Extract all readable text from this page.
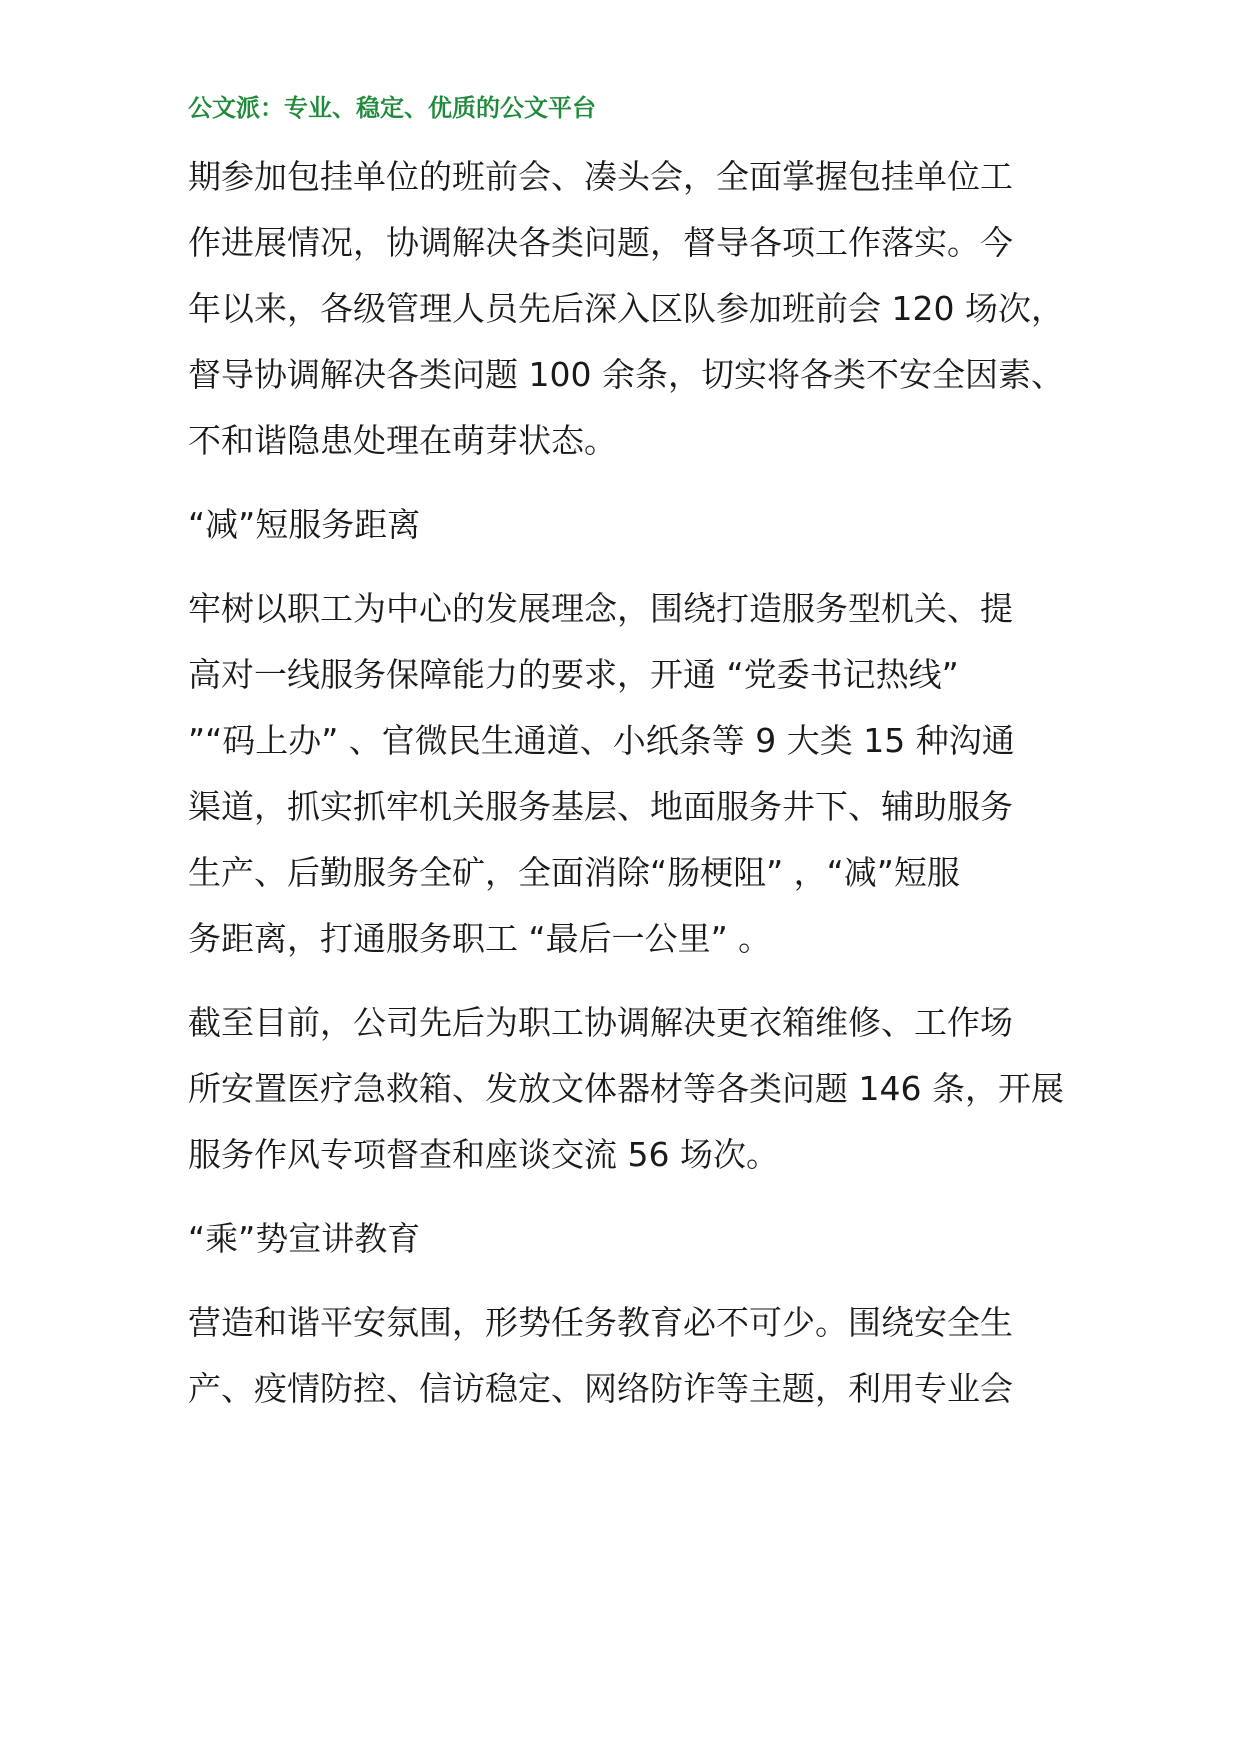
公文派：专业、稳定、优质的公文平台
期参加包挂单位的班前会、凑头会，全面掌握包挂单位工
作进展情况，协调解决各类问题，督导各项工作落实。今
年以来，各级管理人员先后深入区队参加班前会 120 场次，
督导协调解决各类问题 100 余条，切实将各类不安全因素、
不和谐隐患处理在萌芽状态。
“减”短服务距离
牢树以职工为中心的发展理念，围绕打造服务型机关、提
高对一线服务保障能力的要求，开通 “党委书记热线”
”“码上办” 、官微民生通道、小纸条等 9 大类 15 种沟通
渠道，抓实抓牢机关服务基层、地面服务井下、辅助服务
生产、后勤服务全矿，全面消除“肠梗阻” ，“减”短服
务距离，打通服务职工 “最后一公里” 。
截至目前，公司先后为职工协调解决更衣箱维修、工作场
所安置医疗急救箱、发放文体器材等各类问题 146 条，开展
服务作风专项督查和座谈交流 56 场次。
“乘”势宣讲教育
营造和谐平安氛围，形势任务教育必不可少。围绕安全生
产、疫情防控、信访稳定、网络防诈等主题，利用专业会
